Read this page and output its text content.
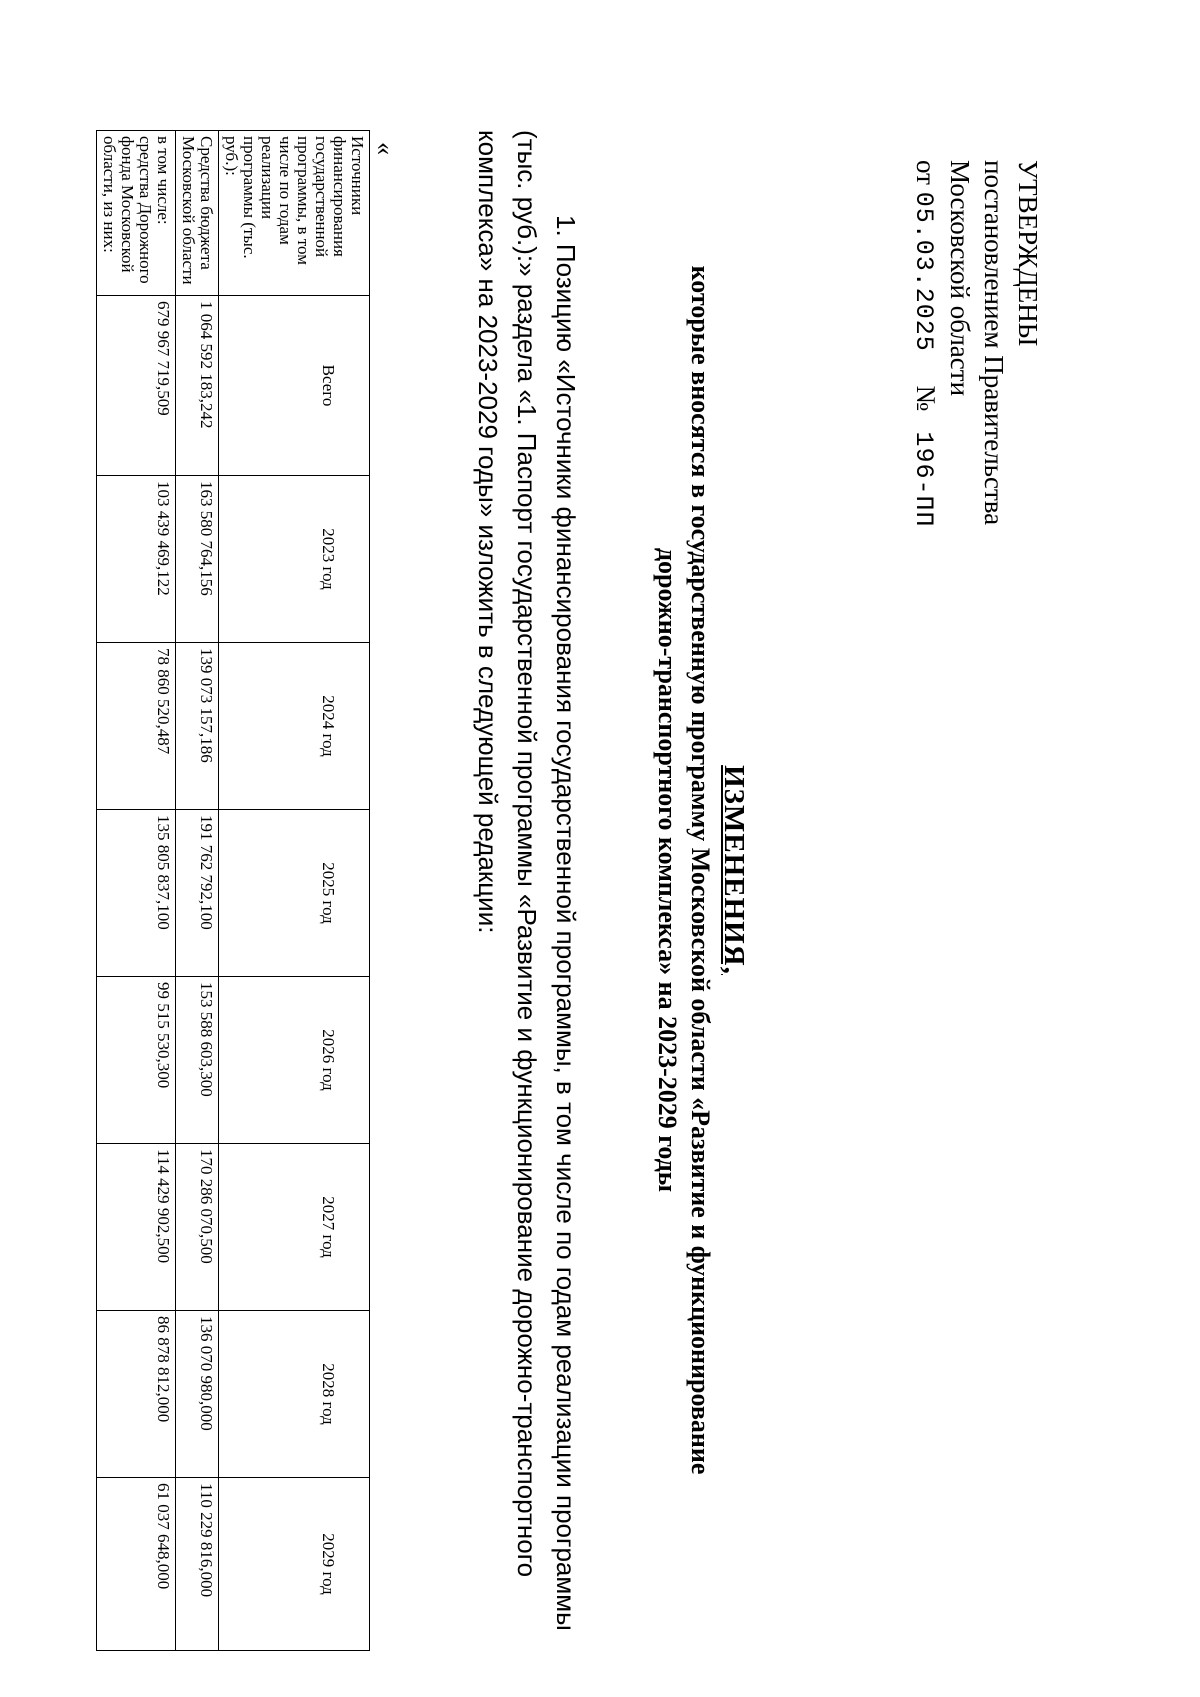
УТВЕРЖДЕНЫ
постановлением Правительства
Московской области
от 05.03.2025     №   196-ПП
ИЗМЕНЕНИЯ,
которые вносятся в государственную программу Московской области «Развитие и функционирование
дорожно-транспортного комплекса» на 2023-2029 годы
1. Позицию «Источники финансирования государственной программы, в том числе по годам реализации программы
(тыс. руб.):» раздела «1. Паспорт государственной программы «Развитие и функционирование дорожно-транспортного
комплекса» на 2023-2029 годы» изложить в следующей редакции:
«
Источники финансирования государственной программы, в том числе по годам реализации программы (тыс. руб.):	Всего	2023 год	2024 год	2025 год	2026 год	2027 год	2028 год	2029 год
Средства бюджета Московской области	1 064 592 183,242	163 580 764,156	139 073 157,186	191 762 792,100	153 588 603,300	170 286 070,500	136 070 980,000	110 229 816,000
в том числе: средства Дорожного фонда Московской области, из них:	679 967 719,509	103 439 469,122	78 860 520,487	135 805 837,100	99 515 530,300	114 429 902,500	86 878 812,000	61 037 648,000
